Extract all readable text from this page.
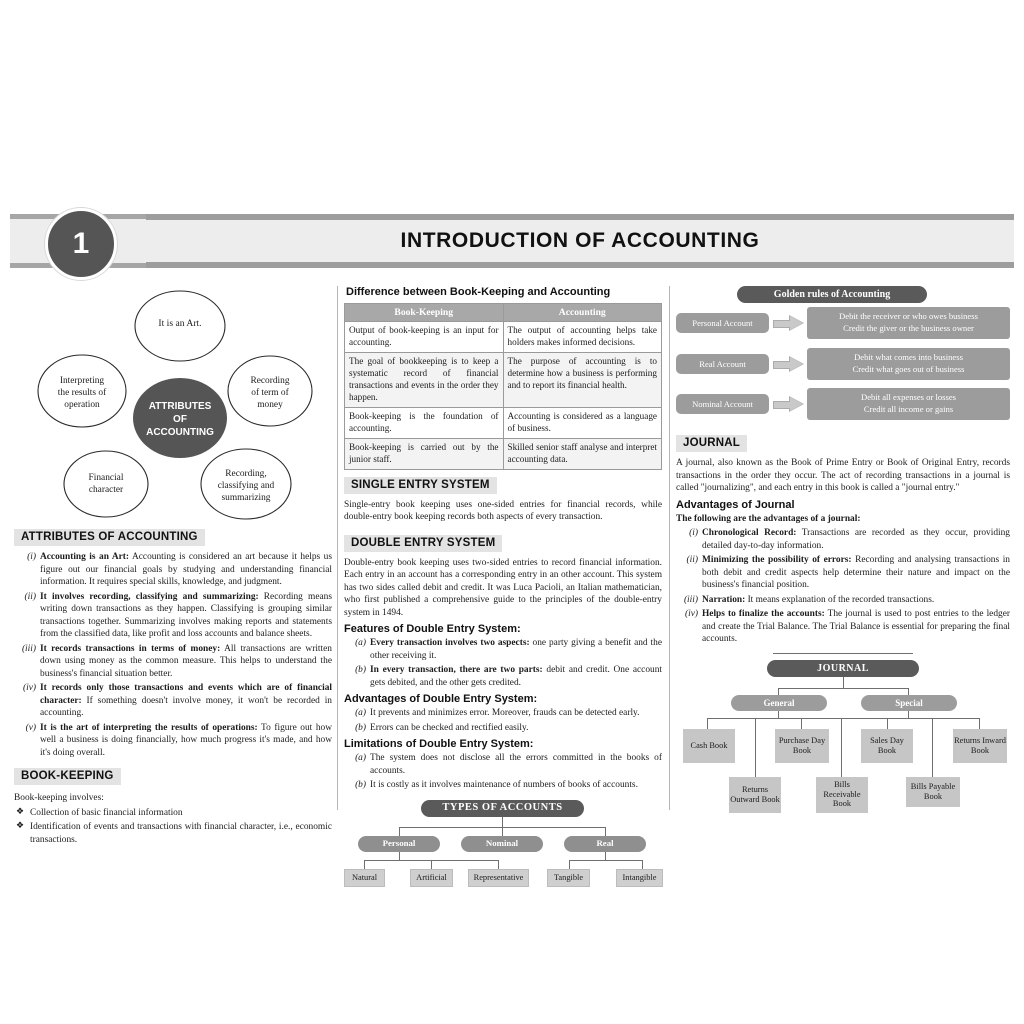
INTRODUCTION OF ACCOUNTING
1
It is an Art.
Recording
of term of
money
Recording,
classifying and
summarizing
Financial
character
Interpreting
the results of
operation	ATTRIBUTES
OF
ACCOUNTING
ATTRIBUTES OF ACCOUNTING
(i) Accounting is an Art: Accounting is considered an art because it helps us figure out our financial goals by studying and understanding financial information. It requires special skills, knowledge, and judgment.
(ii) It involves recording, classifying and summarizing: Recording means writing down transactions as they happen. Classifying is grouping similar transactions together. Summarizing involves making reports and statements from the classified data, like profit and loss accounts and balance sheets.
(iii) It records transactions in terms of money: All transactions are written down using money as the common measure. This helps to understand the business's financial situation better.
(iv) It records only those transactions and events which are of financial character: If something doesn't involve money, it won't be recorded in accounting.
(v) It is the art of interpreting the results of operations: To figure out how well a business is doing financially, how much progress it's made, and how it's doing overall.
BOOK-KEEPING
Book-keeping involves:
❖ Collection of basic financial information
❖ Identification of events and transactions with financial character, i.e., economic transactions.
Difference between Book-Keeping and Accounting
Book-Keeping	Accounting
Output of book-keeping is an input for accounting.	The output of accounting helps take holders makes informed decisions.
The goal of bookkeeping is to keep a systematic record of financial transactions and events in the order they happen.	The purpose of accounting is to determine how a business is performing and to report its financial health.
Book-keeping is the foundation of accounting.	Accounting is considered as a language of business.
Book-keeping is carried out by the junior staff.	Skilled senior staff analyse and interpret accounting data.
SINGLE ENTRY SYSTEM
Single-entry book keeping uses one-sided entries for financial records, while double-entry book keeping records both aspects of every transaction.
DOUBLE ENTRY SYSTEM
Double-entry book keeping uses two-sided entries to record financial information. Each entry in an account has a corresponding entry in an other account. This system has two sides called debit and credit. It was Luca Pacioli, an Italian mathematician, who first published a comprehensive guide to the principles of the double-entry system in 1494.
Features of Double Entry System:
(a) Every transaction involves two aspects: one party giving a benefit and the other receiving it.
(b) In every transaction, there are two parts: debit and credit. One account gets debited, and the other gets credited.
Advantages of Double Entry System:
(a) It prevents and minimizes error. Moreover, frauds can be detected early.
(b) Errors can be checked and rectified easily.
Limitations of Double Entry System:
(a) The system does not disclose all the errors committed in the books of accounts.
(b) It is costly as it involves maintenance of numbers of books of accounts.
TYPES OF ACCOUNTS
Personal	Nominal	Real
Natural	Artificial	Representative	Tangible	Intangible
Golden rules of Accounting
Personal Account
Debit the receiver or who owes business
Credit the giver or the business owner
Real Account
Debit what comes into business
Credit what goes out of business
Nominal Account
Debit all expenses or losses
Credit all income or gains
JOURNAL
A journal, also known as the Book of Prime Entry or Book of Original Entry, records transactions in the order they occur. The act of recording transactions in a journal is called "journalizing", and each entry in this book is called a "journal entry."
Advantages of Journal
The following are the advantages of a journal:
(i) Chronological Record: Transactions are recorded as they occur, providing detailed day-to-day information.
(ii) Minimizing the possibility of errors: Recording and analysing transactions in both debit and credit aspects help determine their nature and impact on the business's financial position.
(iii) Narration: It means explanation of the recorded transactions.
(iv) Helps to finalize the accounts: The journal is used to post entries to the ledger and create the Trial Balance. The Trial Balance is essential for preparing the final accounts.
JOURNAL
General	Special
Cash Book
Purchase Day Book
Sales Day Book
Returns Inward Book
Returns Outward Book
Bills Receivable Book
Bills Payable Book
